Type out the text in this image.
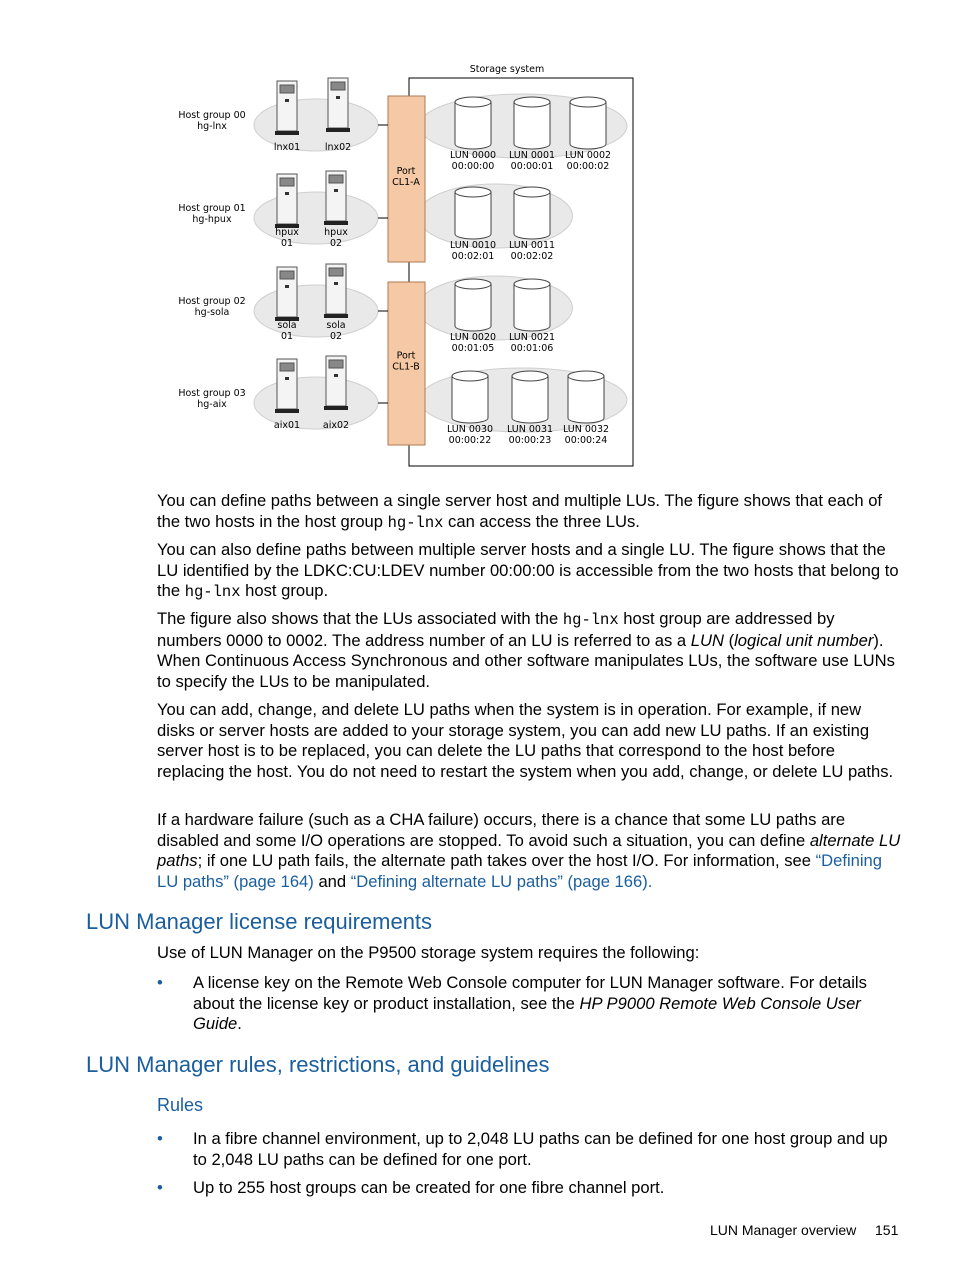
Storage system
Host group 00
hg-lnx
lnx01	lnx02
Host group 01
hg-hpux
hpux
01
hpux
02
Host group 02
hg-sola
sola
01
sola
02
Host group 03
hg-aix
aix01 aix02
Port
CL1-A
Port
CL1-B
LUN 0000
00:00:00
LUN 0001
00:00:01
LUN 0002
00:00:02
LUN 0010
00:02:01
LUN 0011
00:02:02
LUN 0020
00:01:05
LUN 0021
00:01:06
LUN 0030
00:00:22
LUN 0031
00:00:23
LUN 0032
00:00:24

You can define paths between a single server host and multiple LUs. The figure shows that each of the two hosts in the host group hg-lnx can access the three LUs.

You can also define paths between multiple server hosts and a single LU. The figure shows that the LU identified by the LDKC:CU:LDEV number 00:00:00 is accessible from the two hosts that belong to the hg-lnx host group.

The figure also shows that the LUs associated with the hg-lnx host group are addressed by numbers 0000 to 0002. The address number of an LU is referred to as a LUN (logical unit number). When Continuous Access Synchronous and other software manipulates LUs, the software use LUNs to specify the LUs to be manipulated.

You can add, change, and delete LU paths when the system is in operation. For example, if new disks or server hosts are added to your storage system, you can add new LU paths. If an existing server host is to be replaced, you can delete the LU paths that correspond to the host before replacing the host. You do not need to restart the system when you add, change, or delete LU paths.

If a hardware failure (such as a CHA failure) occurs, there is a chance that some LU paths are disabled and some I/O operations are stopped. To avoid such a situation, you can define alternate LU paths; if one LU path fails, the alternate path takes over the host I/O. For information, see “Defining LU paths” (page 164) and “Defining alternate LU paths” (page 166).

LUN Manager license requirements

Use of LUN Manager on the P9500 storage system requires the following:

• A license key on the Remote Web Console computer for LUN Manager software. For details about the license key or product installation, see the HP P9000 Remote Web Console User Guide.
LUN Manager rules, restrictions, and guidelines
Rules
• In a fibre channel environment, up to 2,048 LU paths can be defined for one host group and up to 2,048 LU paths can be defined for one port.
• Up to 255 host groups can be created for one fibre channel port.
LUN Manager overview 151
